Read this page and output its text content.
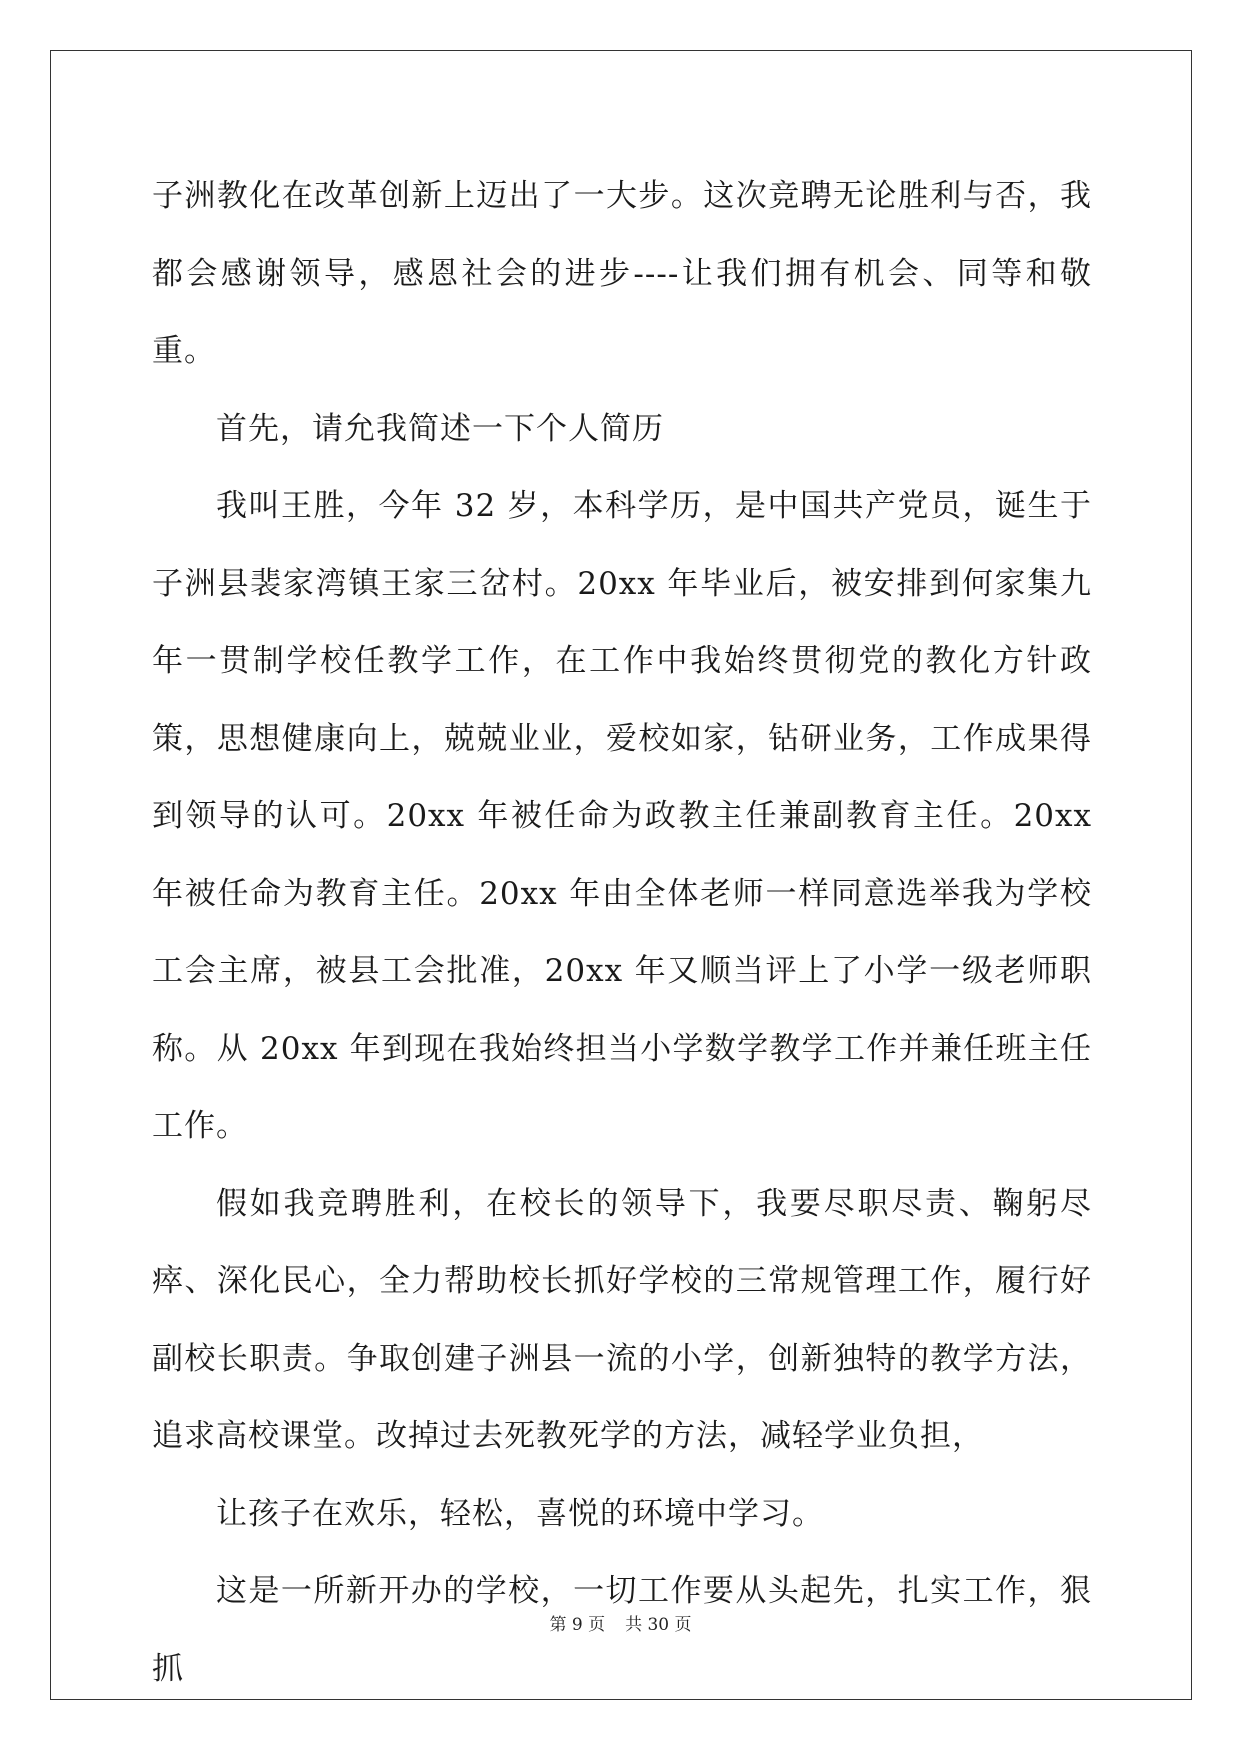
子洲教化在改革创新上迈出了一大步。这次竞聘无论胜利与否，我都会感谢领导，感恩社会的进步----让我们拥有机会、同等和敬重。

首先，请允我简述一下个人简历

我叫王胜，今年 32 岁，本科学历，是中国共产党员，诞生于子洲县裴家湾镇王家三岔村。20xx 年毕业后，被安排到何家集九年一贯制学校任教学工作，在工作中我始终贯彻党的教化方针政策，思想健康向上，兢兢业业，爱校如家，钻研业务，工作成果得到领导的认可。20xx 年被任命为政教主任兼副教育主任。20xx 年被任命为教育主任。20xx 年由全体老师一样同意选举我为学校工会主席，被县工会批准，20xx 年又顺当评上了小学一级老师职称。从 20xx 年到现在我始终担当小学数学教学工作并兼任班主任工作。

假如我竞聘胜利，在校长的领导下，我要尽职尽责、鞠躬尽瘁、深化民心，全力帮助校长抓好学校的三常规管理工作，履行好副校长职责。争取创建子洲县一流的小学，创新独特的教学方法，追求高校课堂。改掉过去死教死学的方法，减轻学业负担，

让孩子在欢乐，轻松，喜悦的环境中学习。

这是一所新开办的学校，一切工作要从头起先，扎实工作，狠抓

第 9 页 共 30 页
